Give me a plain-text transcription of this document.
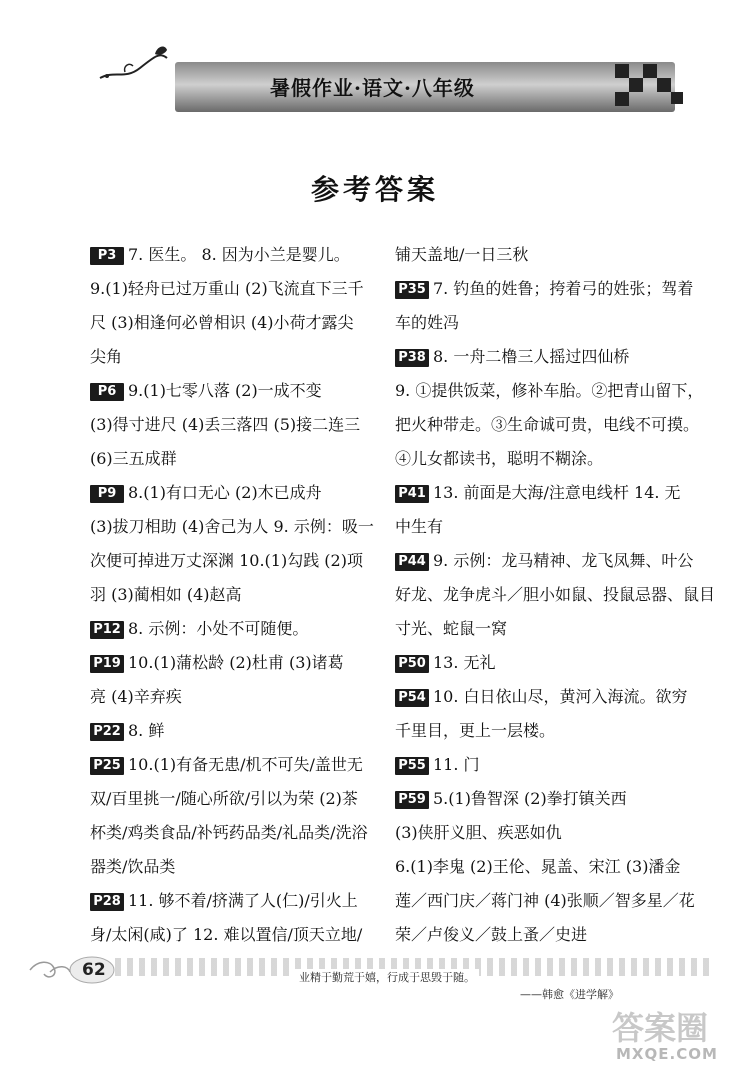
暑假作业·语文·八年级
参考答案
P3 7. 医生。 8. 因为小兰是婴儿。
9.(1)轻舟已过万重山 (2)飞流直下三千
尺 (3)相逢何必曾相识 (4)小荷才露尖
尖角
P6 9.(1)七零八落 (2)一成不变
(3)得寸进尺 (4)丢三落四 (5)接二连三
(6)三五成群
P9 8.(1)有口无心 (2)木已成舟
(3)拔刀相助 (4)舍己为人 9. 示例：吸一
次便可掉进万丈深渊 10.(1)勾践 (2)项
羽 (3)蔺相如 (4)赵高
P12 8. 示例：小处不可随便。
P19 10.(1)蒲松龄 (2)杜甫 (3)诸葛
亮 (4)辛弃疾
P22 8. 鲜
P25 10.(1)有备无患/机不可失/盖世无
双/百里挑一/随心所欲/引以为荣 (2)茶
杯类/鸡类食品/补钙药品类/礼品类/洗浴
器类/饮品类
P28 11. 够不着/挤满了人(仁)/引火上
身/太闲(咸)了 12. 难以置信/顶天立地/
铺天盖地/一日三秋
P35 7. 钓鱼的姓鲁；挎着弓的姓张；驾着
车的姓冯
P38 8. 一舟二橹三人摇过四仙桥
9. ①提供饭菜，修补车胎。②把青山留下，
把火种带走。③生命诚可贵，电线不可摸。
④儿女都读书，聪明不糊涂。
P41 13. 前面是大海/注意电线杆 14. 无
中生有
P44 9. 示例：龙马精神、龙飞凤舞、叶公
好龙、龙争虎斗／胆小如鼠、投鼠忌器、鼠目
寸光、蛇鼠一窝
P50 13. 无礼
P54 10. 白日依山尽，黄河入海流。欲穷
千里目，更上一层楼。
P55 11. 门
P59 5.(1)鲁智深 (2)拳打镇关西
(3)侠肝义胆、疾恶如仇
6.(1)李鬼 (2)王伦、晁盖、宋江 (3)潘金
莲／西门庆／蒋门神 (4)张顺／智多星／花
荣／卢俊义／鼓上蚤／史进
62	业精于勤荒于嬉，行成于思毁于随。
——韩愈《进学解》
答案圈
MXQE.COM
